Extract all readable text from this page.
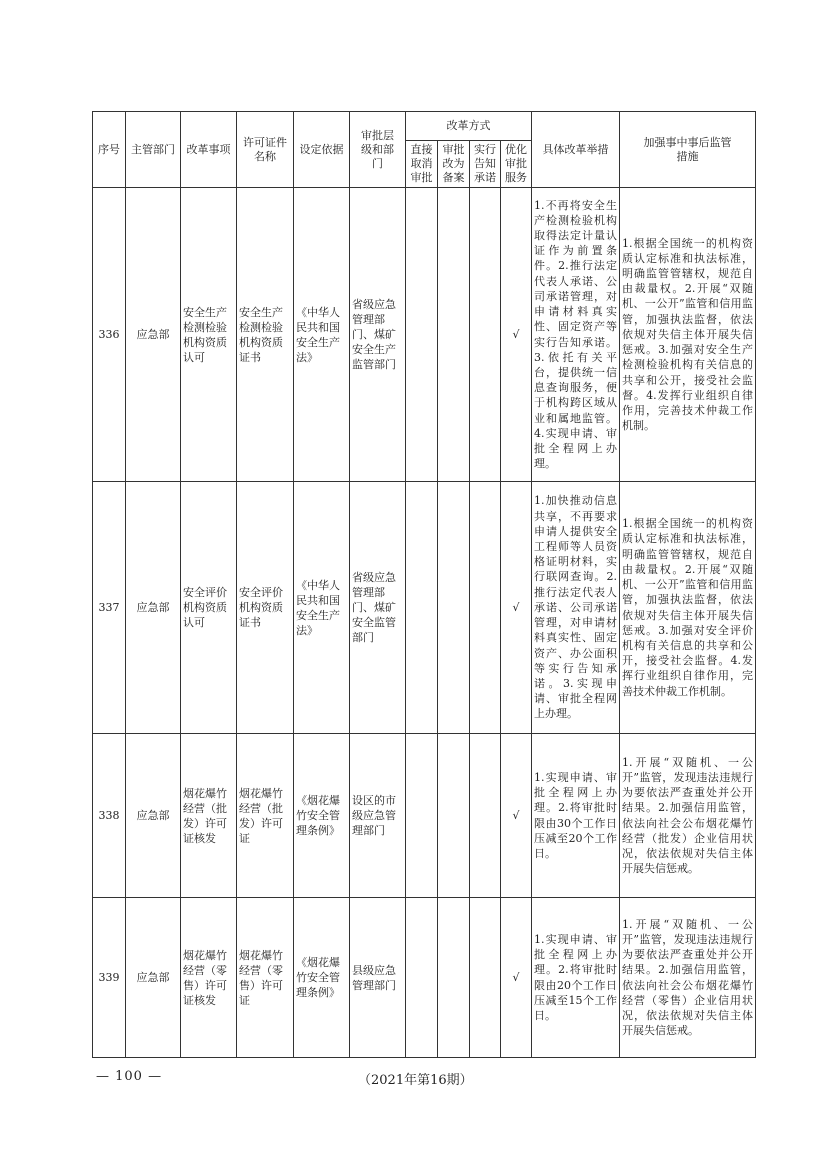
序号	主管部门	改革事项	许可证件名称	设定依据	审批层级和部门	改革方式				具体改革举措	加强事中事后监管措施
						直接取消审批	审批改为备案	实行告知承诺	优化审批服务		
336	应急部	安全生产检测检验机构资质认可	安全生产检测检验机构资质证书	《中华人民共和国安全生产法》	省级应急管理部门、煤矿安全生产监管部门				√	1.不再将安全生产检测检验机构取得法定计量认证作为前置条件。2.推行法定代表人承诺、公司承诺管理，对申请材料真实性、固定资产等实行告知承诺。3.依托有关平台，提供统一信息查询服务，便于机构跨区域从业和属地监管。4.实现申请、审批全程网上办理。	1.根据全国统一的机构资质认定标准和执法标准，明确监管管辖权，规范自由裁量权。2.开展“双随机、一公开”监管和信用监管，加强执法监督，依法依规对失信主体开展失信惩戒。3.加强对安全生产检测检验机构有关信息的共享和公开，接受社会监督。4.发挥行业组织自律作用，完善技术仲裁工作机制。
337	应急部	安全评价机构资质认可	安全评价机构资质证书	《中华人民共和国安全生产法》	省级应急管理部门、煤矿安全监管部门				√	1.加快推动信息共享，不再要求申请人提供安全工程师等人员资格证明材料，实行联网查询。2.推行法定代表人承诺、公司承诺管理，对申请材料真实性、固定资产、办公面积等实行告知承诺。3.实现申请、审批全程网上办理。	1.根据全国统一的机构资质认定标准和执法标准，明确监管管辖权，规范自由裁量权。2.开展“双随机、一公开”监管和信用监管，加强执法监督，依法依规对失信主体开展失信惩戒。3.加强对安全评价机构有关信息的共享和公开，接受社会监督。4.发挥行业组织自律作用，完善技术仲裁工作机制。
338	应急部	烟花爆竹经营（批发）许可证核发	烟花爆竹经营（批发）许可证	《烟花爆竹安全管理条例》	设区的市级应急管理部门				√	1.实现申请、审批全程网上办理。2.将审批时限由30个工作日压减至20个工作日。	1.开展“双随机、一公开”监管，发现违法违规行为要依法严查重处并公开结果。2.加强信用监管，依法向社会公布烟花爆竹经营（批发）企业信用状况，依法依规对失信主体开展失信惩戒。
339	应急部	烟花爆竹经营（零售）许可证核发	烟花爆竹经营（零售）许可证	《烟花爆竹安全管理条例》	县级应急管理部门				√	1.实现申请、审批全程网上办理。2.将审批时限由20个工作日压减至15个工作日。	1.开展“双随机、一公开”监管，发现违法违规行为要依法严查重处并公开结果。2.加强信用监管，依法向社会公布烟花爆竹经营（零售）企业信用状况，依法依规对失信主体开展失信惩戒。
— 100 —	（2021年第16期）
